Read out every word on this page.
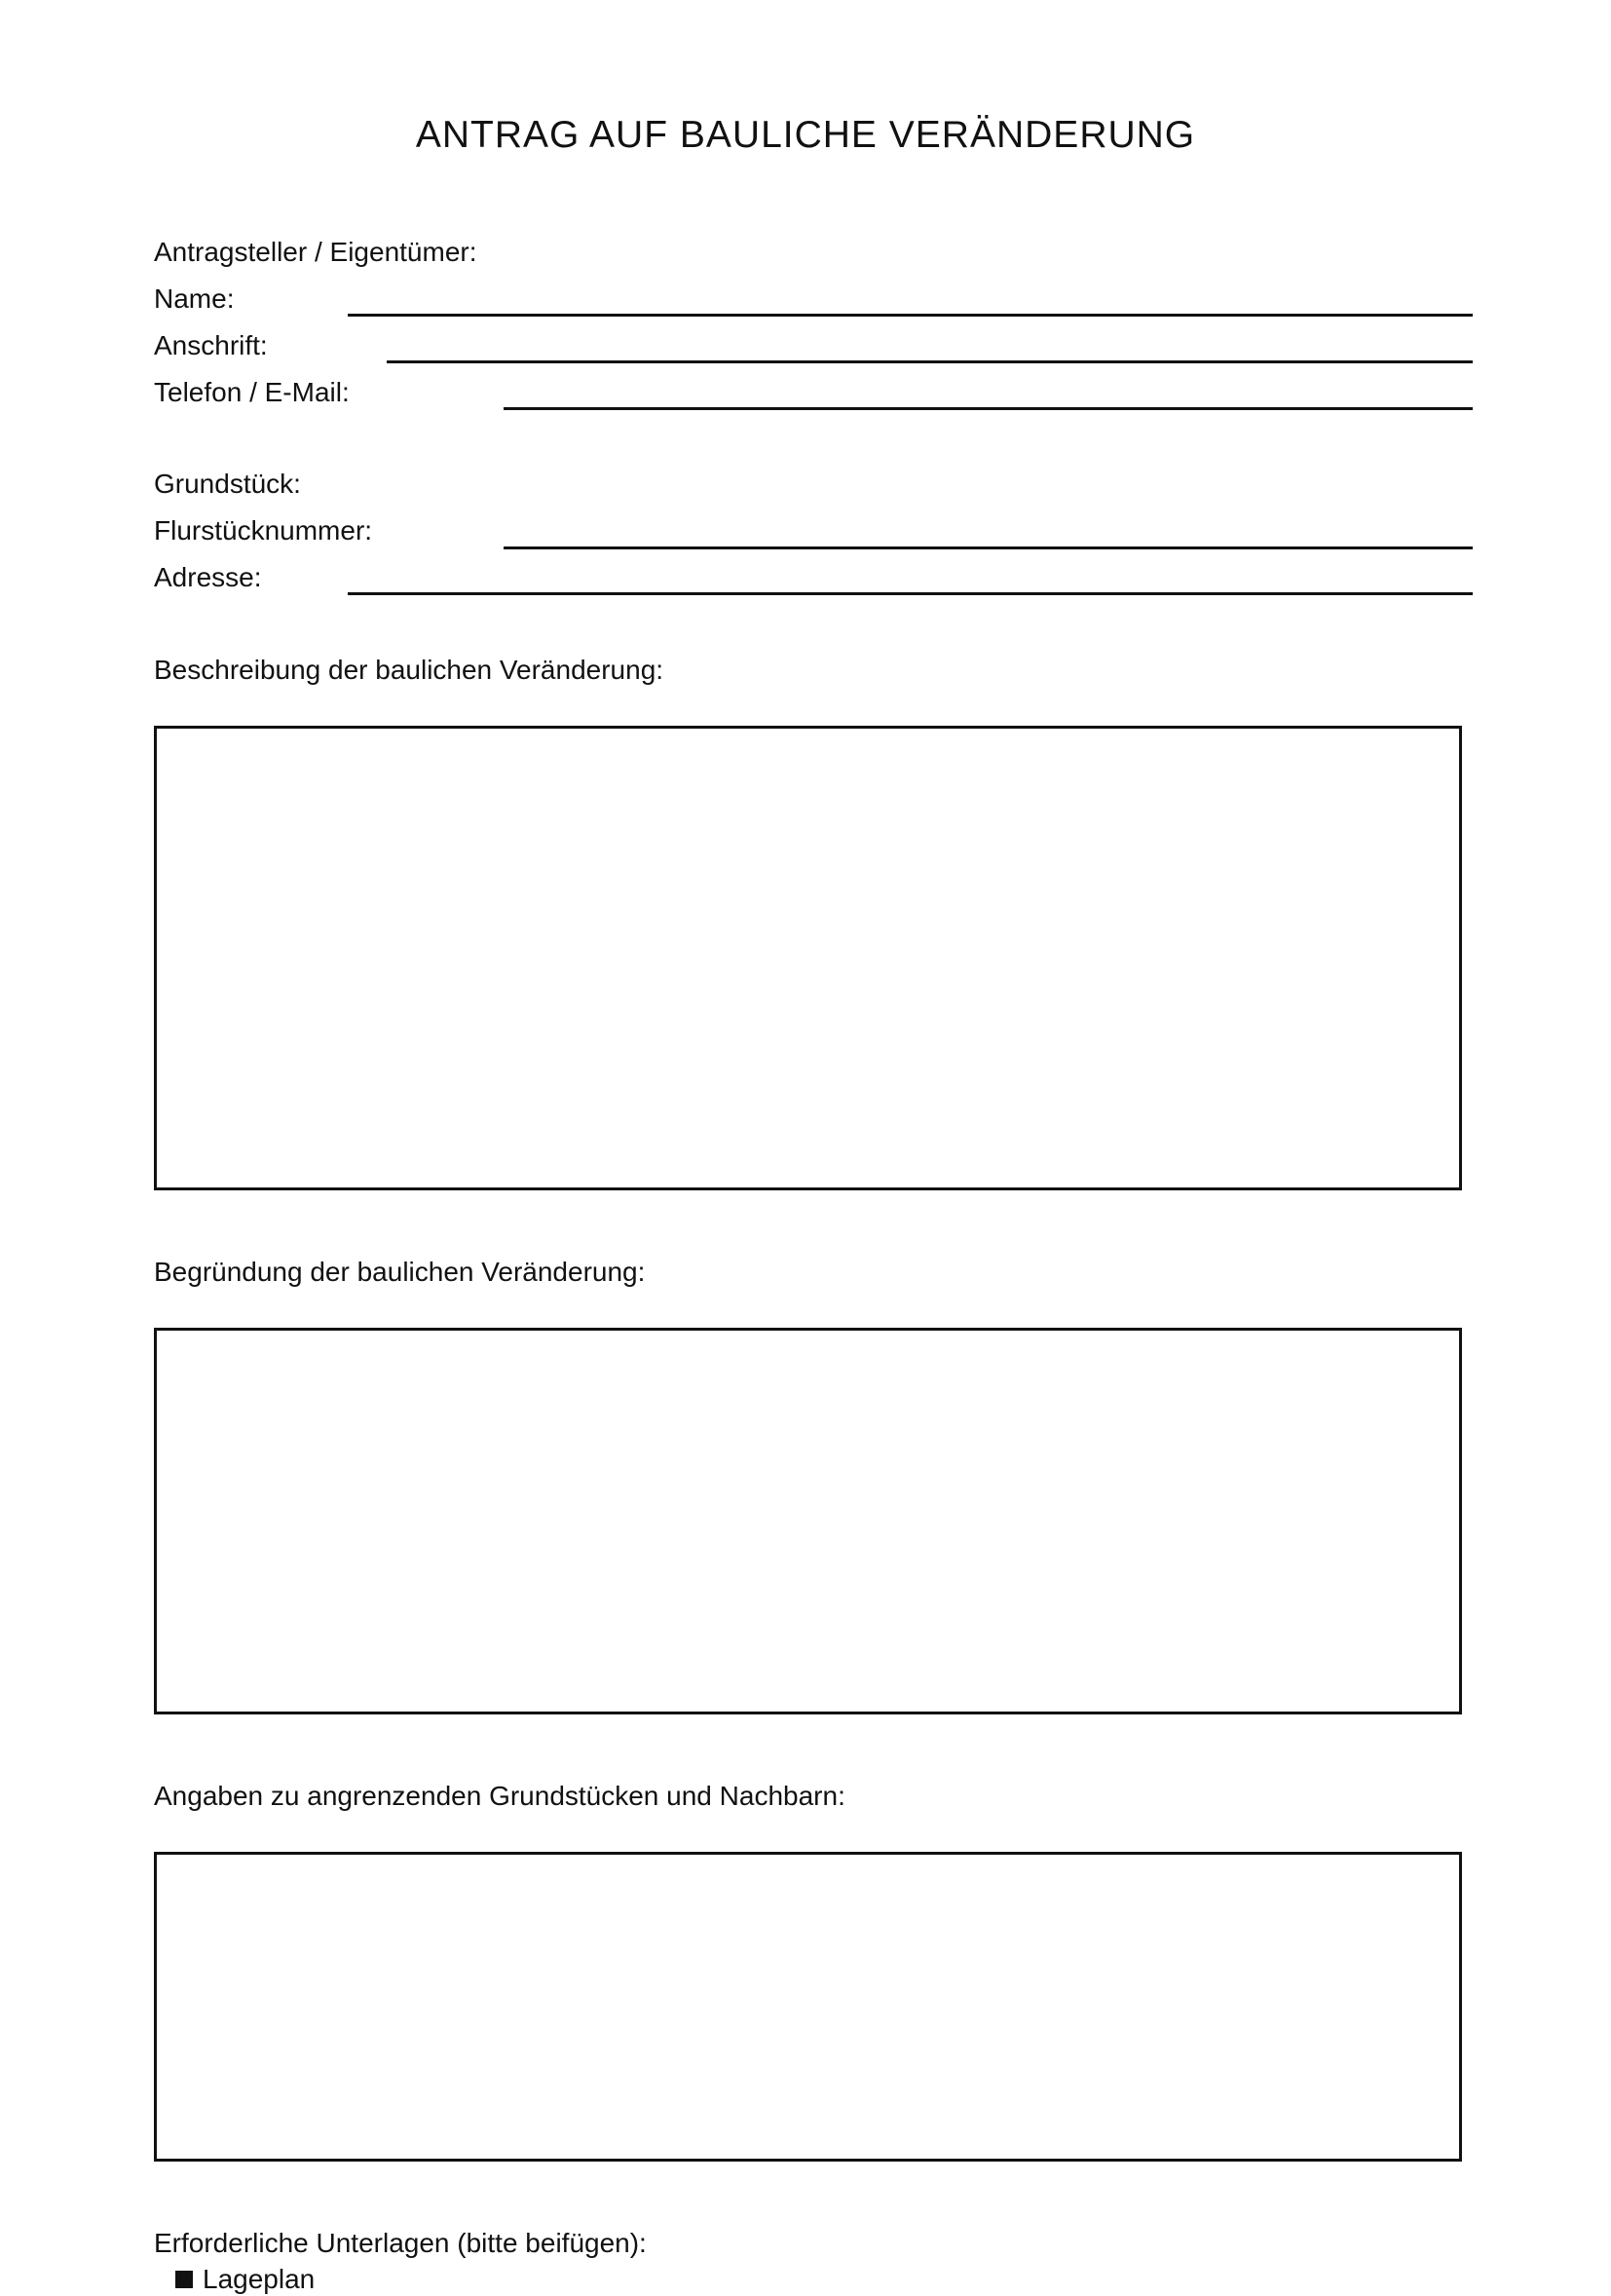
ANTRAG AUF BAULICHE VERÄNDERUNG
Antragsteller / Eigentümer:
Name:
Anschrift:
Telefon / E-Mail:
Grundstück:
Flurstücknummer:
Adresse:
Beschreibung der baulichen Veränderung:
Begründung der baulichen Veränderung:
Angaben zu angrenzenden Grundstücken und Nachbarn:
Erforderliche Unterlagen (bitte beifügen):
Lageplan
